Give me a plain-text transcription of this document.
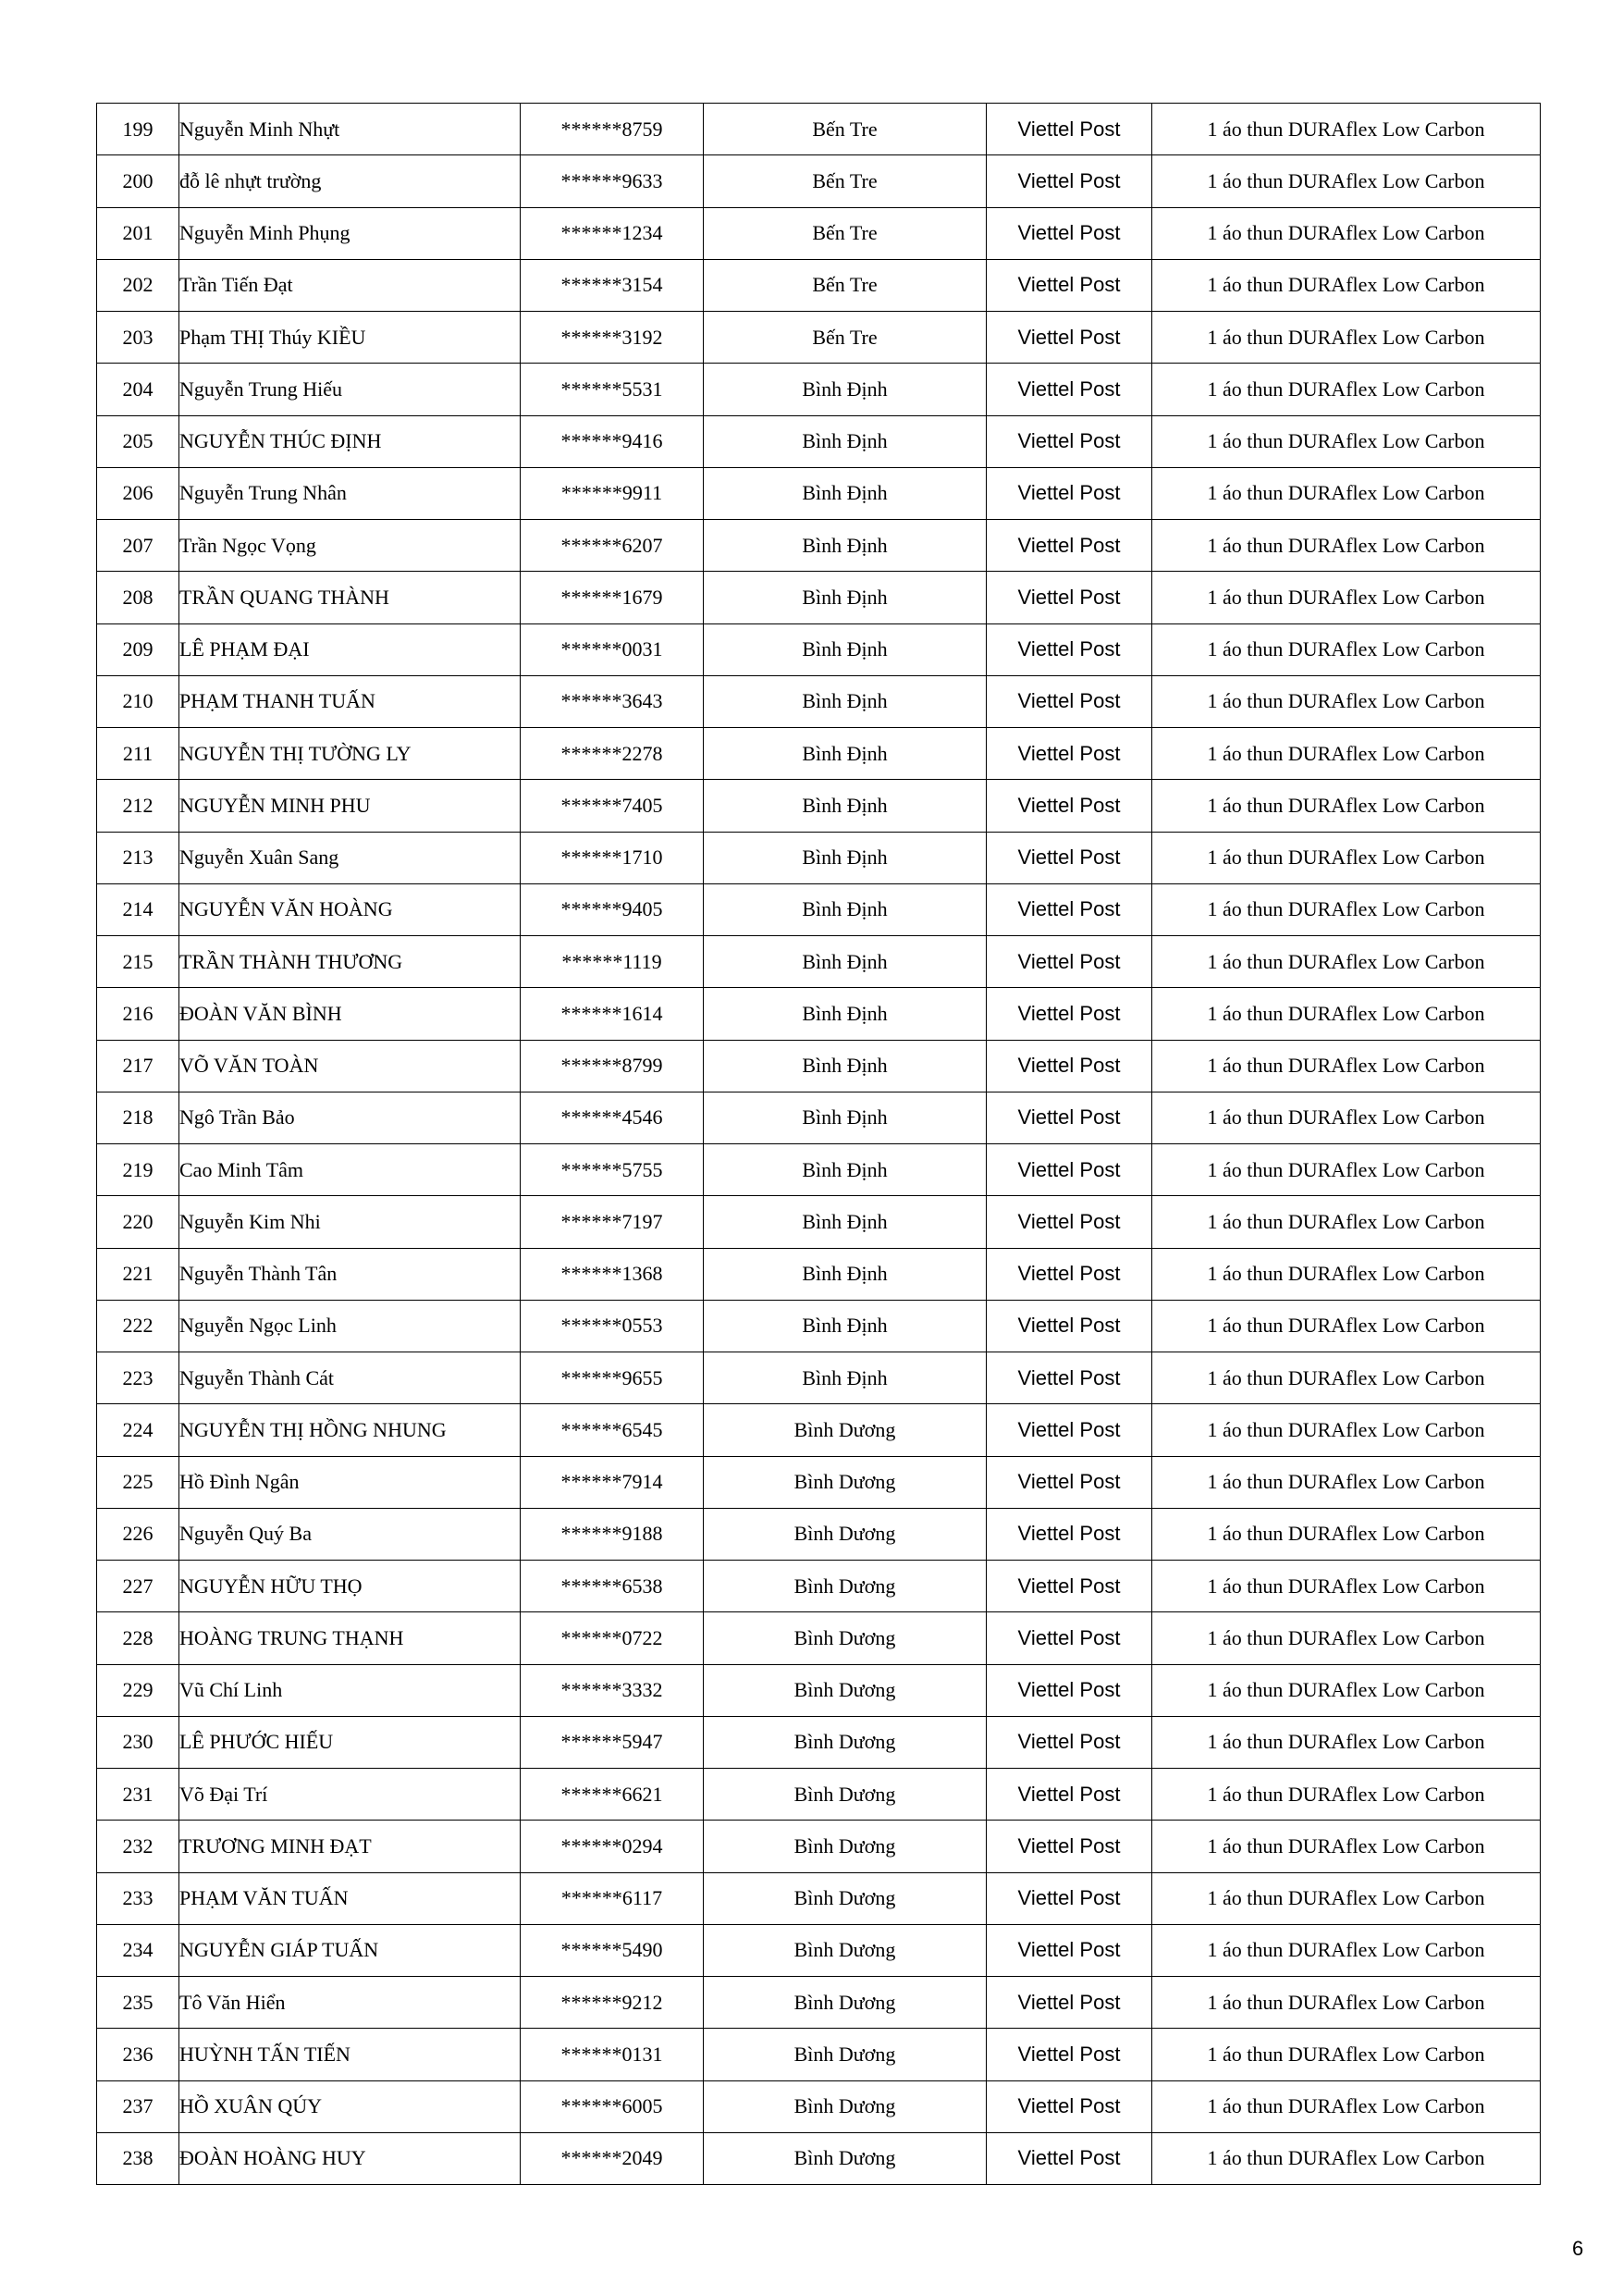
199	Nguyễn Minh Nhựt	******8759	Bến Tre	Viettel Post	1 áo thun DURAflex Low Carbon
200	đỗ lê nhựt trường	******9633	Bến Tre	Viettel Post	1 áo thun DURAflex Low Carbon
201	Nguyễn Minh Phụng	******1234	Bến Tre	Viettel Post	1 áo thun DURAflex Low Carbon
202	Trần Tiến Đạt	******3154	Bến Tre	Viettel Post	1 áo thun DURAflex Low Carbon
203	Phạm THỊ Thúy KIỀU	******3192	Bến Tre	Viettel Post	1 áo thun DURAflex Low Carbon
204	Nguyễn Trung Hiếu	******5531	Bình Định	Viettel Post	1 áo thun DURAflex Low Carbon
205	NGUYỄN THÚC ĐỊNH	******9416	Bình Định	Viettel Post	1 áo thun DURAflex Low Carbon
206	Nguyễn Trung Nhân	******9911	Bình Định	Viettel Post	1 áo thun DURAflex Low Carbon
207	Trần Ngọc Vọng	******6207	Bình Định	Viettel Post	1 áo thun DURAflex Low Carbon
208	TRẦN QUANG THÀNH	******1679	Bình Định	Viettel Post	1 áo thun DURAflex Low Carbon
209	LÊ PHẠM ĐẠI	******0031	Bình Định	Viettel Post	1 áo thun DURAflex Low Carbon
210	PHẠM THANH TUẤN	******3643	Bình Định	Viettel Post	1 áo thun DURAflex Low Carbon
211	NGUYỄN THỊ TƯỜNG LY	******2278	Bình Định	Viettel Post	1 áo thun DURAflex Low Carbon
212	NGUYỄN MINH PHU	******7405	Bình Định	Viettel Post	1 áo thun DURAflex Low Carbon
213	Nguyễn Xuân Sang	******1710	Bình Định	Viettel Post	1 áo thun DURAflex Low Carbon
214	NGUYỄN VĂN HOÀNG	******9405	Bình Định	Viettel Post	1 áo thun DURAflex Low Carbon
215	TRẦN THÀNH THƯƠNG	******1119	Bình Định	Viettel Post	1 áo thun DURAflex Low Carbon
216	ĐOÀN VĂN BÌNH	******1614	Bình Định	Viettel Post	1 áo thun DURAflex Low Carbon
217	VÕ VĂN TOÀN	******8799	Bình Định	Viettel Post	1 áo thun DURAflex Low Carbon
218	Ngô Trần Bảo	******4546	Bình Định	Viettel Post	1 áo thun DURAflex Low Carbon
219	Cao Minh Tâm	******5755	Bình Định	Viettel Post	1 áo thun DURAflex Low Carbon
220	Nguyễn Kim Nhi	******7197	Bình Định	Viettel Post	1 áo thun DURAflex Low Carbon
221	Nguyễn Thành Tân	******1368	Bình Định	Viettel Post	1 áo thun DURAflex Low Carbon
222	Nguyễn Ngọc Linh	******0553	Bình Định	Viettel Post	1 áo thun DURAflex Low Carbon
223	Nguyễn Thành Cát	******9655	Bình Định	Viettel Post	1 áo thun DURAflex Low Carbon
224	NGUYỄN THỊ HỒNG NHUNG	******6545	Bình Dương	Viettel Post	1 áo thun DURAflex Low Carbon
225	Hồ Đình Ngân	******7914	Bình Dương	Viettel Post	1 áo thun DURAflex Low Carbon
226	Nguyễn Quý Ba	******9188	Bình Dương	Viettel Post	1 áo thun DURAflex Low Carbon
227	NGUYỄN HỮU THỌ	******6538	Bình Dương	Viettel Post	1 áo thun DURAflex Low Carbon
228	HOÀNG TRUNG THẠNH	******0722	Bình Dương	Viettel Post	1 áo thun DURAflex Low Carbon
229	Vũ Chí Linh	******3332	Bình Dương	Viettel Post	1 áo thun DURAflex Low Carbon
230	LÊ PHƯỚC HIẾU	******5947	Bình Dương	Viettel Post	1 áo thun DURAflex Low Carbon
231	Võ Đại Trí	******6621	Bình Dương	Viettel Post	1 áo thun DURAflex Low Carbon
232	TRƯƠNG MINH ĐẠT	******0294	Bình Dương	Viettel Post	1 áo thun DURAflex Low Carbon
233	PHẠM VĂN TUẤN	******6117	Bình Dương	Viettel Post	1 áo thun DURAflex Low Carbon
234	NGUYỄN GIÁP TUẤN	******5490	Bình Dương	Viettel Post	1 áo thun DURAflex Low Carbon
235	Tô Văn Hiển	******9212	Bình Dương	Viettel Post	1 áo thun DURAflex Low Carbon
236	HUỲNH TẤN TIẾN	******0131	Bình Dương	Viettel Post	1 áo thun DURAflex Low Carbon
237	HỒ XUÂN QÚY	******6005	Bình Dương	Viettel Post	1 áo thun DURAflex Low Carbon
238	ĐOÀN HOÀNG HUY	******2049	Bình Dương	Viettel Post	1 áo thun DURAflex Low Carbon
6
